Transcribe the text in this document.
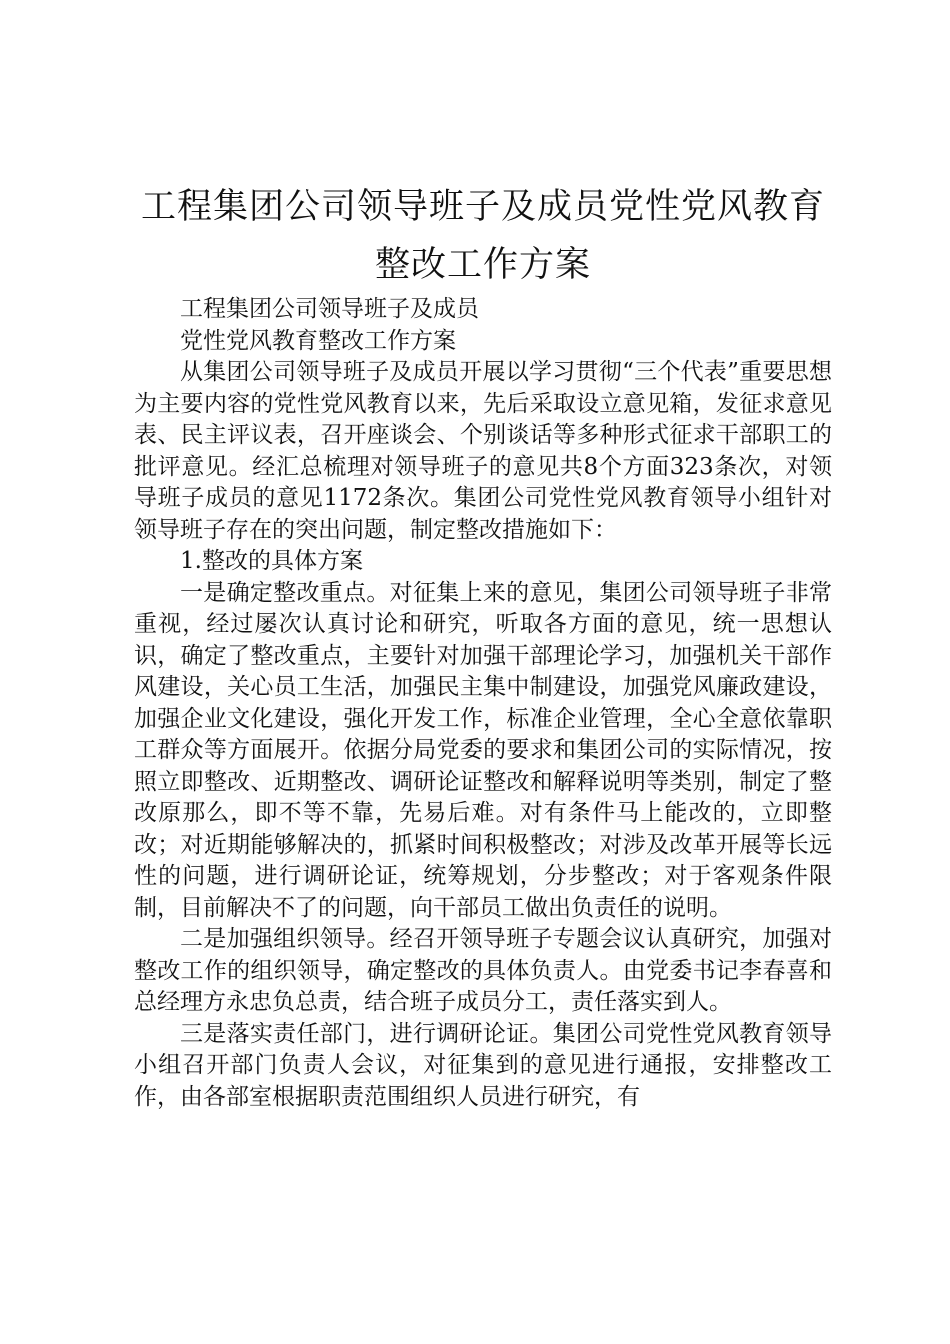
工程集团公司领导班子及成员党性党风教育
整改工作方案

工程集团公司领导班子及成员

党性党风教育整改工作方案

从集团公司领导班子及成员开展以学习贯彻“三个代表”重要思想为主要内容的党性党风教育以来，先后采取设立意见箱，发征求意见表、民主评议表，召开座谈会、个别谈话等多种形式征求干部职工的批评意见。经汇总梳理对领导班子的意见共8个方面323条次，对领导班子成员的意见1172条次。集团公司党性党风教育领导小组针对领导班子存在的突出问题，制定整改措施如下：

1.整改的具体方案

一是确定整改重点。对征集上来的意见，集团公司领导班子非常重视，经过屡次认真讨论和研究，听取各方面的意见，统一思想认识，确定了整改重点，主要针对加强干部理论学习，加强机关干部作风建设，关心员工生活，加强民主集中制建设，加强党风廉政建设，加强企业文化建设，强化开发工作，标准企业管理，全心全意依靠职工群众等方面展开。依据分局党委的要求和集团公司的实际情况，按照立即整改、近期整改、调研论证整改和解释说明等类别，制定了整改原那么，即不等不靠，先易后难。对有条件马上能改的，立即整改；对近期能够解决的，抓紧时间积极整改；对涉及改革开展等长远性的问题，进行调研论证，统筹规划，分步整改；对于客观条件限制，目前解决不了的问题，向干部员工做出负责任的说明。

二是加强组织领导。经召开领导班子专题会议认真研究，加强对整改工作的组织领导，确定整改的具体负责人。由党委书记李春喜和总经理方永忠负总责，结合班子成员分工，责任落实到人。

三是落实责任部门，进行调研论证。集团公司党性党风教育领导小组召开部门负责人会议，对征集到的意见进行通报，安排整改工作，由各部室根据职责范围组织人员进行研究，有
